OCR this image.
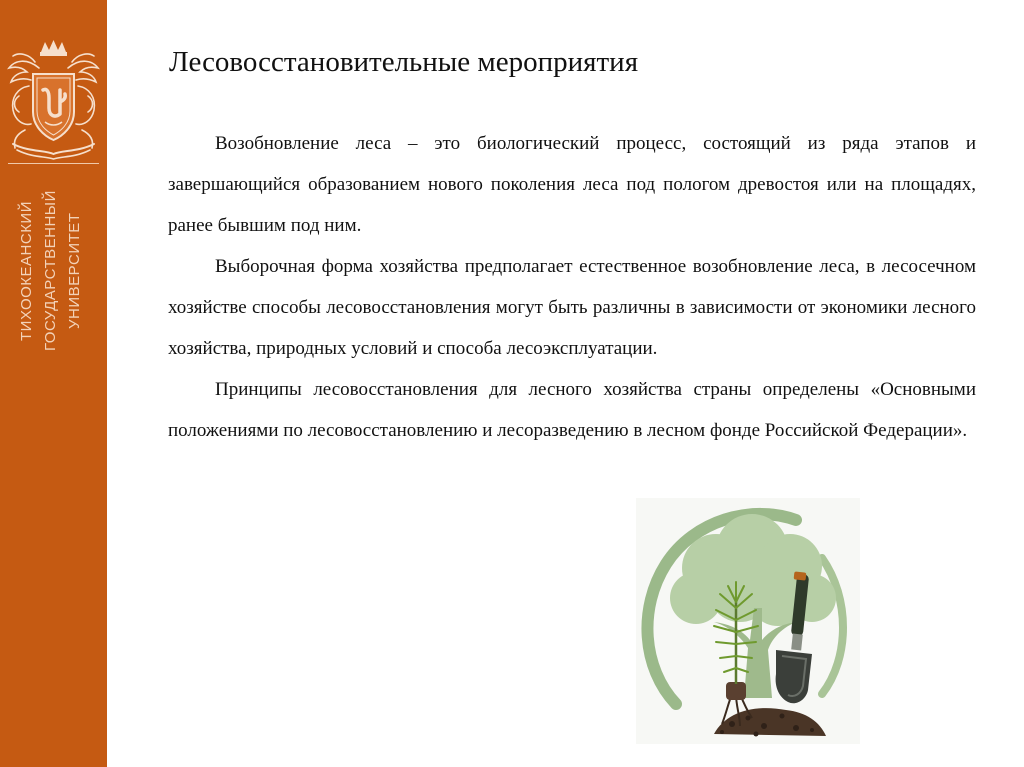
ТИХООКЕАНСКИЙ ГОСУДАРСТВЕННЫЙ УНИВЕРСИТЕТ
Лесовосстановительные мероприятия

Возобновление леса – это биологический процесс, состоящий из ряда этапов и завершающийся образованием нового поколения леса под пологом древостоя или на площадях, ранее бывшим под ним.

Выборочная форма хозяйства предполагает естественное возобновление леса, в лесосечном хозяйстве способы лесовосстановления могут быть различны в зависимости от экономики лесного хозяйства, природных условий и способа лесоэксплуатации.

Принципы лесовосстановления для лесного хозяйства страны определены «Основными положениями по лесовосстановлению и лесоразведению в лесном фонде Российской Федерации».
